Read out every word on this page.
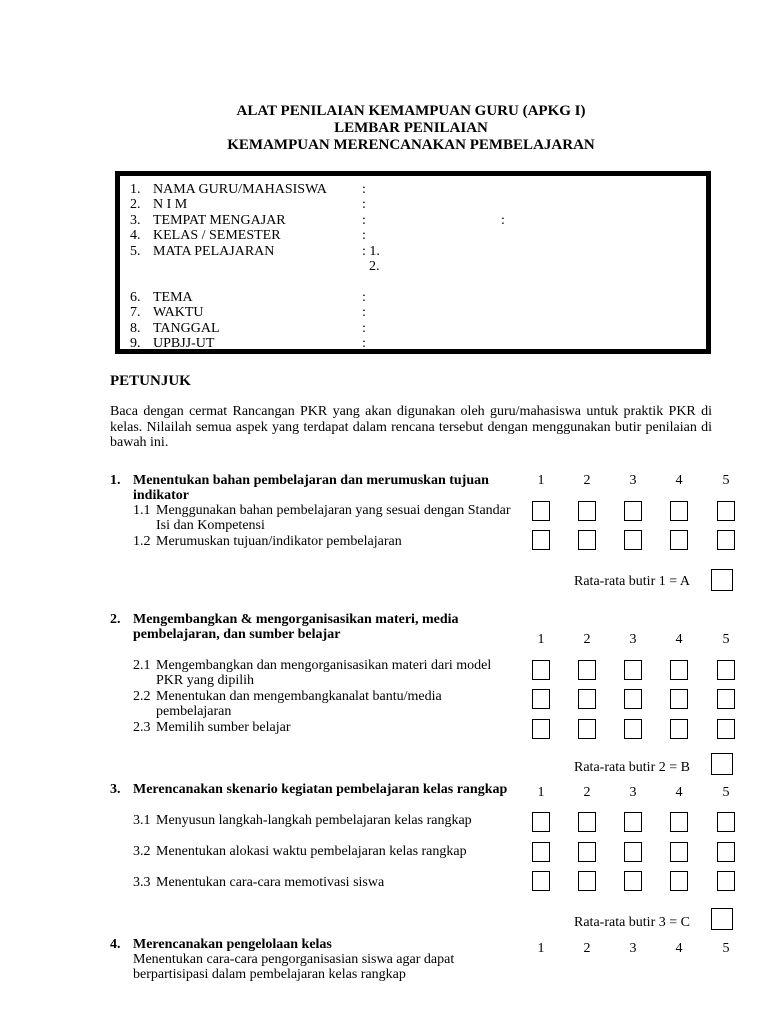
ALAT PENILAIAN KEMAMPUAN GURU (APKG I)
LEMBAR PENILAIAN
KEMAMPUAN MERENCANAKAN PEMBELAJARAN
1. NAMA GURU/MAHASISWA	:
2. N I M	:
3. TEMPAT MENGAJAR	:	:
4. KELAS / SEMESTER	:
5. MATA PELAJARAN	: 1.
2.
6. TEMA	:
7. WAKTU	:
8. TANGGAL	:
9. UPBJJ-UT	:
PETUNJUK
Baca dengan cermat Rancangan PKR yang akan digunakan oleh guru/mahasiswa untuk praktik PKR di kelas. Nilailah semua aspek yang terdapat dalam rencana tersebut dengan menggunakan butir penilaian di bawah ini.
1. Menentukan bahan pembelajaran dan merumuskan tujuan
indikator
1	2	3	4	5
1.1 Menggunakan bahan pembelajaran yang sesuai dengan Standar
Isi dan Kompetensi
1.2 Merumuskan tujuan/indikator pembelajaran
Rata-rata butir 1 = A
2. Mengembangkan & mengorganisasikan materi, media
pembelajaran, dan sumber belajar	1	2	3	4	5
2.1 Mengembangkan dan mengorganisasikan materi dari model
PKR yang dipilih
2.2 Menentukan dan mengembangkanalat bantu/media
pembelajaran
2.3 Memilih sumber belajar
Rata-rata butir 2 = B
3. Merencanakan skenario kegiatan pembelajaran kelas rangkap 1	2	3	4	5
3.1 Menyusun langkah-langkah pembelajaran kelas rangkap
3.2 Menentukan alokasi waktu pembelajaran kelas rangkap
3.3 Menentukan cara-cara memotivasi siswa
Rata-rata butir 3 = C
4. Merencanakan pengelolaan kelas
Menentukan cara-cara pengorganisasian siswa agar dapat
berpartisipasi dalam pembelajaran kelas rangkap
1	2	3	4	5
